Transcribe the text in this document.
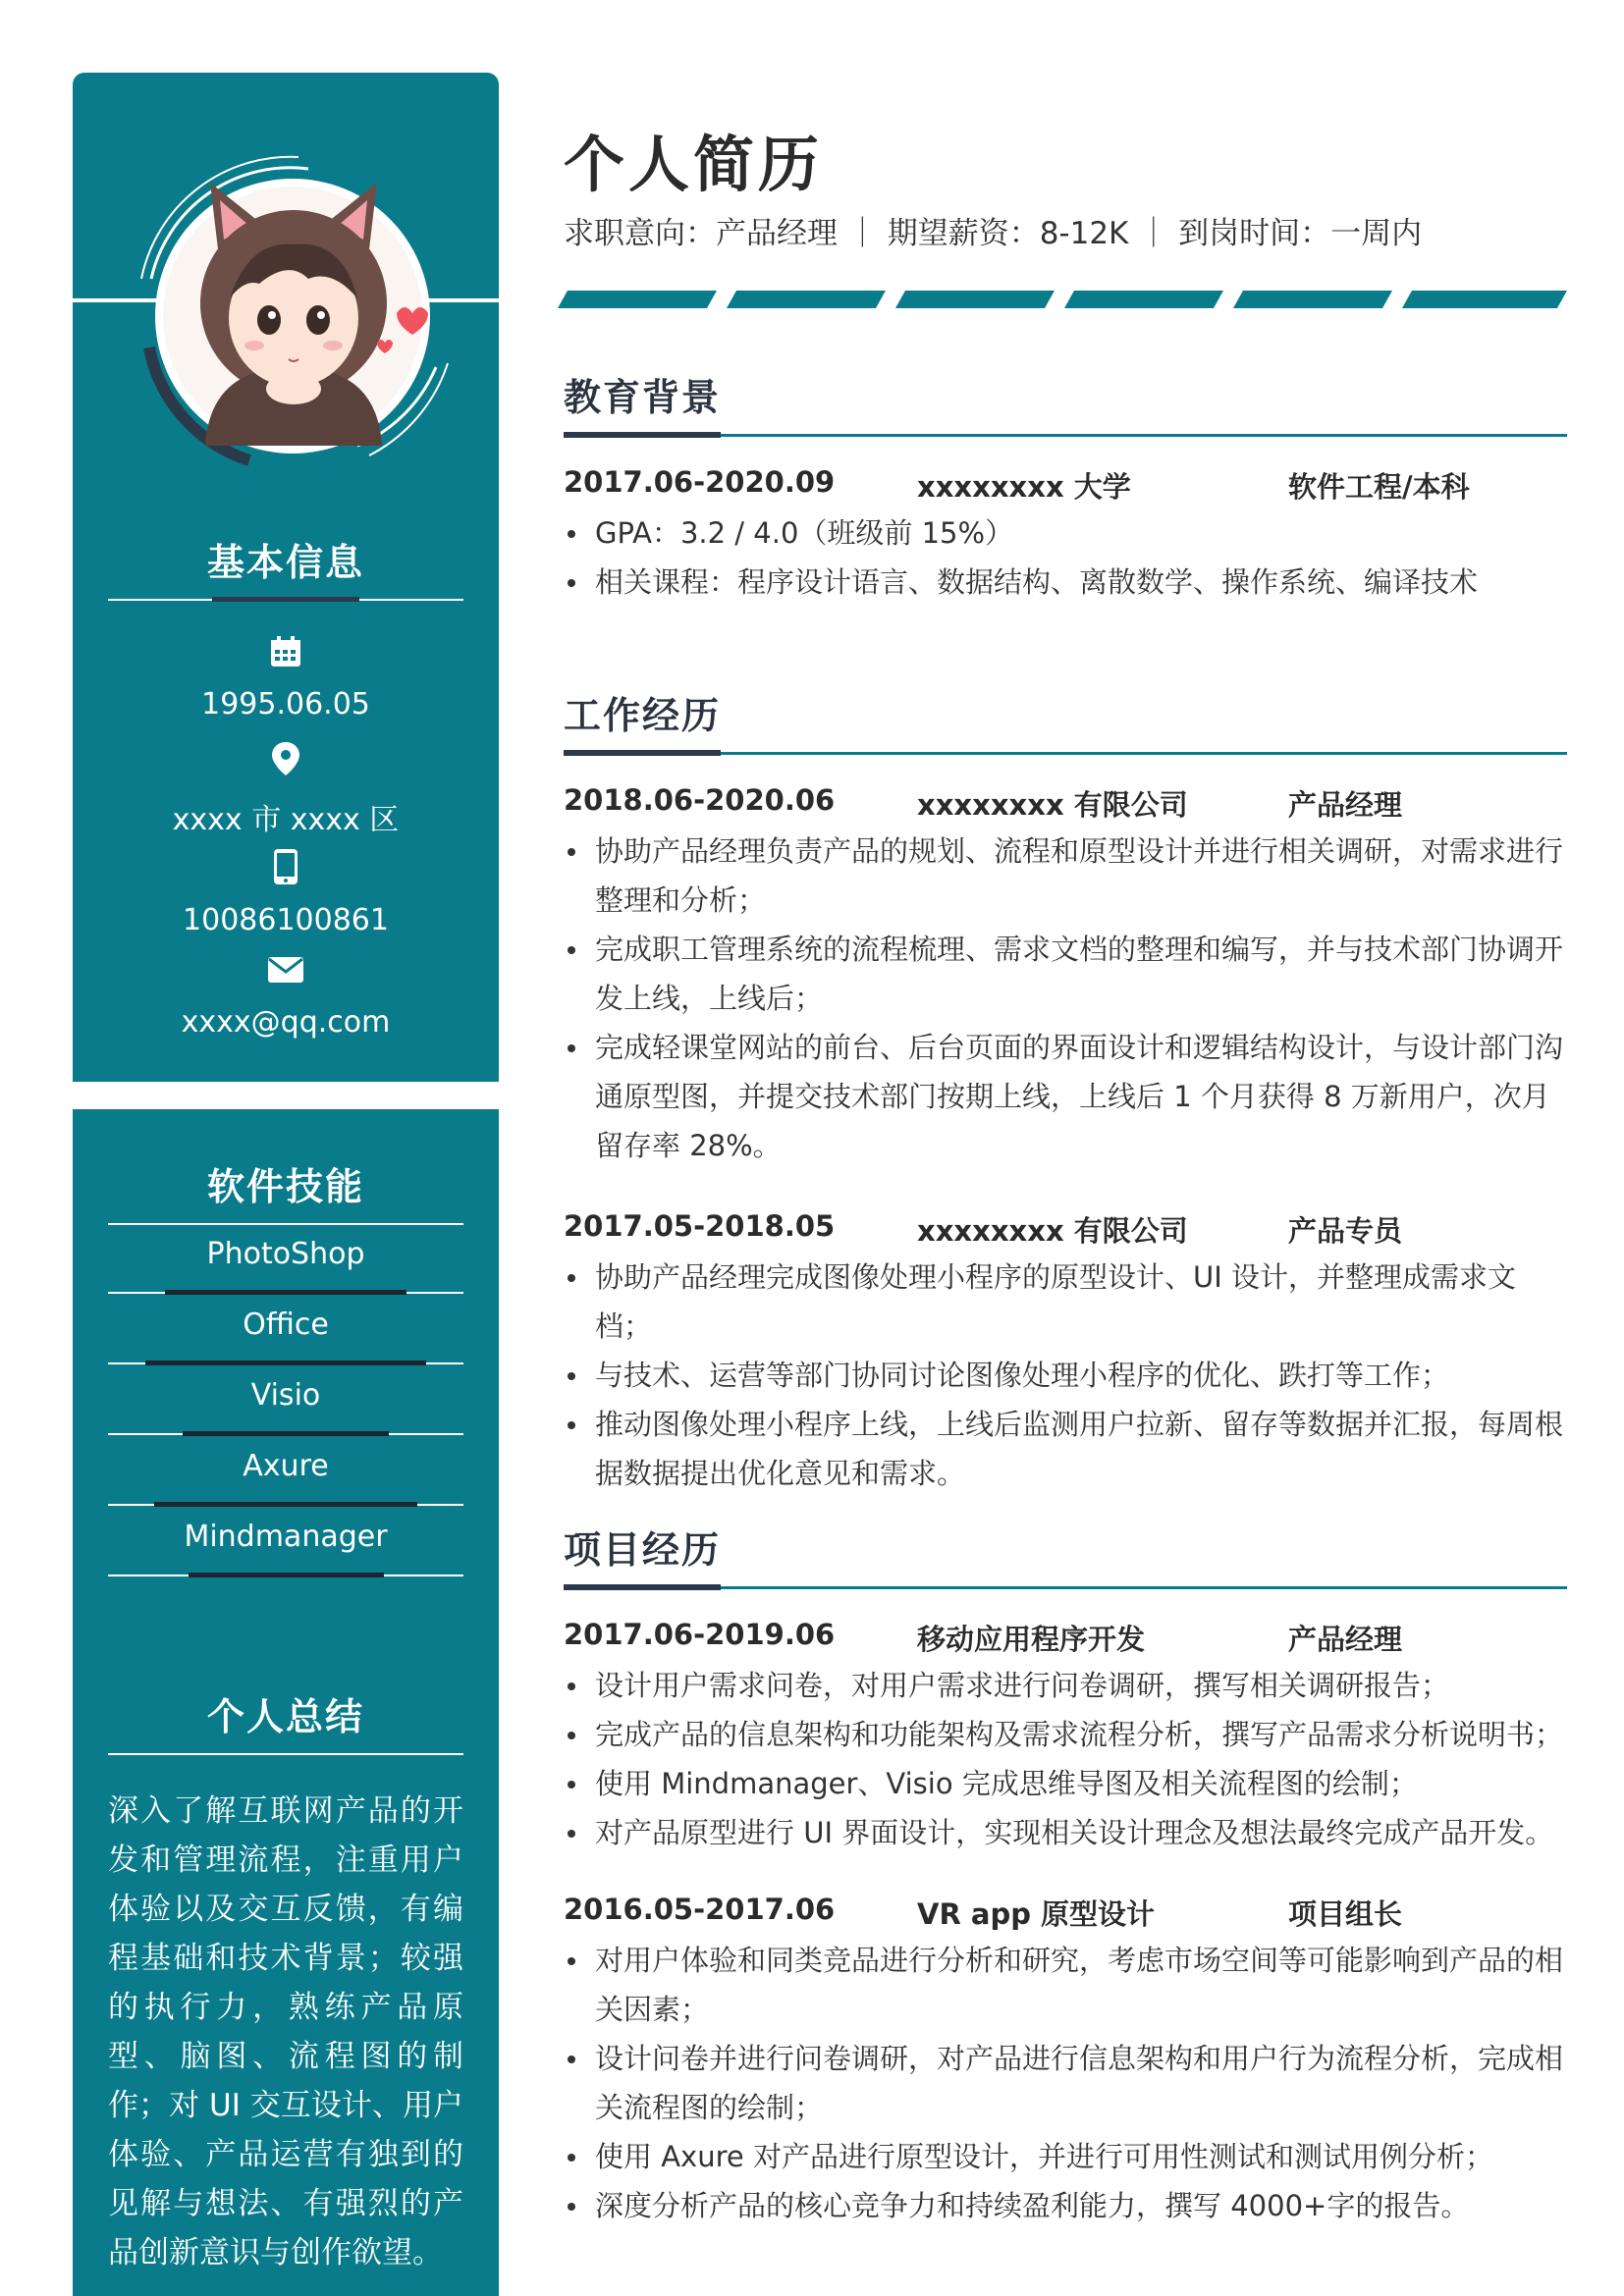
基本信息
1995.06.05
xxxx 市 xxxx 区
10086100861
xxxx@qq.com
软件技能
PhotoShop
Office
Visio
Axure
Mindmanager
个人总结
深入了解互联网产品的开发和管理流程，注重用户体验以及交互反馈，有编程基础和技术背景；较强的执行力，熟练产品原型、脑图、流程图的制作；对 UI 交互设计、用户体验、产品运营有独到的见解与想法、有强烈的产品创新意识与创作欲望。
个人简历
求职意向：产品经理 ｜ 期望薪资：8-12K ｜ 到岗时间：一周内
教育背景
2017.06-2020.09	xxxxxxxx 大学	软件工程/本科
GPA：3.2 / 4.0（班级前 15%）
相关课程：程序设计语言、数据结构、离散数学、操作系统、编译技术
工作经历
2018.06-2020.06	xxxxxxxx 有限公司	产品经理
协助产品经理负责产品的规划、流程和原型设计并进行相关调研，对需求进行整理和分析；
完成职工管理系统的流程梳理、需求文档的整理和编写，并与技术部门协调开发上线，上线后；
完成轻课堂网站的前台、后台页面的界面设计和逻辑结构设计，与设计部门沟通原型图，并提交技术部门按期上线，上线后 1 个月获得 8 万新用户，次月留存率 28%。
2017.05-2018.05	xxxxxxxx 有限公司	产品专员
协助产品经理完成图像处理小程序的原型设计、UI 设计，并整理成需求文档；
与技术、运营等部门协同讨论图像处理小程序的优化、跌打等工作；
推动图像处理小程序上线，上线后监测用户拉新、留存等数据并汇报，每周根据数据提出优化意见和需求。
项目经历
2017.06-2019.06	移动应用程序开发	产品经理
设计用户需求问卷，对用户需求进行问卷调研，撰写相关调研报告；
完成产品的信息架构和功能架构及需求流程分析，撰写产品需求分析说明书；
使用 Mindmanager、Visio 完成思维导图及相关流程图的绘制；
对产品原型进行 UI 界面设计，实现相关设计理念及想法最终完成产品开发。
2016.05-2017.06	VR app 原型设计	项目组长
对用户体验和同类竞品进行分析和研究，考虑市场空间等可能影响到产品的相关因素；
设计问卷并进行问卷调研，对产品进行信息架构和用户行为流程分析，完成相关流程图的绘制；
使用 Axure 对产品进行原型设计，并进行可用性测试和测试用例分析；
深度分析产品的核心竞争力和持续盈利能力，撰写 4000+字的报告。
